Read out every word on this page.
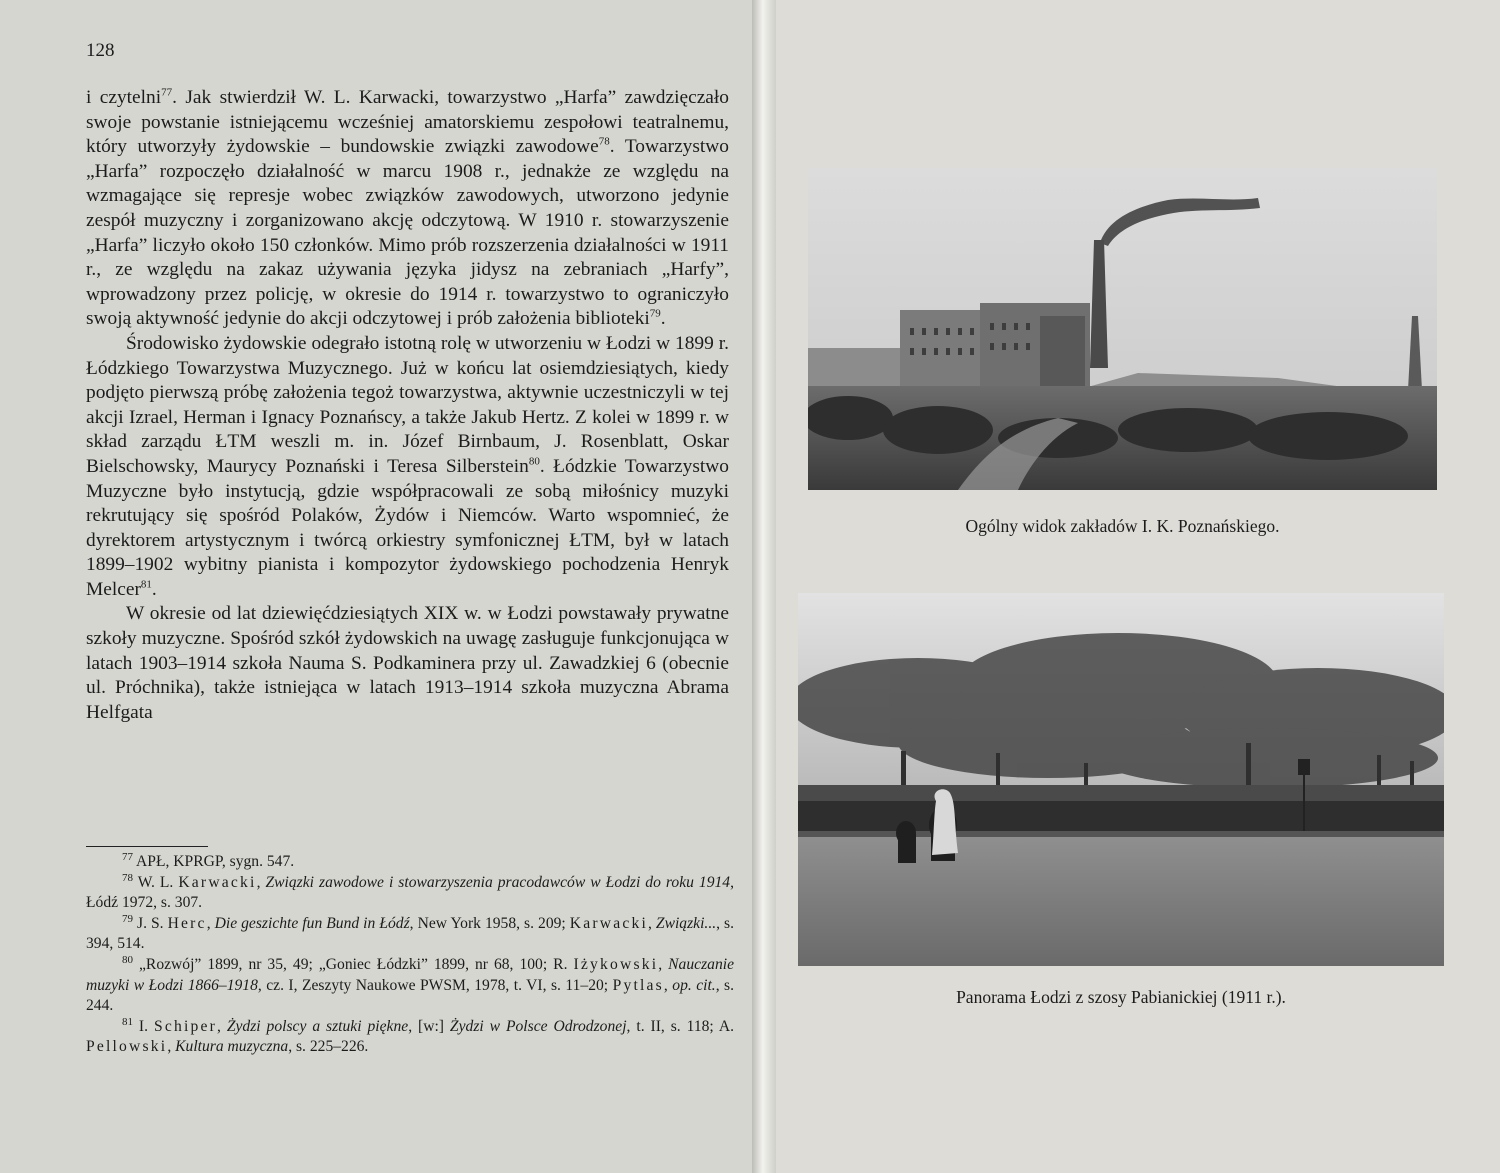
128

i czytelni$^{77}$. Jak stwierdził W. L. Karwacki, towarzystwo „Harfa” zawdzięczało swoje powstanie istniejącemu wcześniej amatorskiemu zespołowi teatralnemu, który utworzyły żydowskie – bundowskie związki zawodowe$^{78}$. Towarzystwo „Harfa” rozpoczęło działalność w marcu 1908 r., jednakże ze względu na wzmagające się represje wobec związków zawodowych, utworzono jedynie zespół muzyczny i zorganizowano akcję odczytową. W 1910 r. stowarzyszenie „Harfa” liczyło około 150 członków. Mimo prób rozszerzenia działalności w 1911 r., ze względu na zakaz używania języka jidysz na zebraniach „Harfy”, wprowadzony przez policję, w okresie do 1914 r. towarzystwo to ograniczyło swoją aktywność jedynie do akcji odczytowej i prób założenia biblioteki$^{79}$.

Środowisko żydowskie odegrało istotną rolę w utworzeniu w Łodzi w 1899 r. Łódzkiego Towarzystwa Muzycznego. Już w końcu lat osiemdziesiątych, kiedy podjęto pierwszą próbę założenia tegoż towarzystwa, aktywnie uczestniczyli w tej akcji Izrael, Herman i Ignacy Poznańscy, a także Jakub Hertz. Z kolei w 1899 r. w skład zarządu ŁTM weszli m. in. Józef Birnbaum, J. Rosenblatt, Oskar Bielschowsky, Maurycy Poznański i Teresa Silberstein$^{80}$. Łódzkie Towarzystwo Muzyczne było instytucją, gdzie współpracowali ze sobą miłośnicy muzyki rekrutujący się spośród Polaków, Żydów i Niemców. Warto wspomnieć, że dyrektorem artystycznym i twórcą orkiestry symfonicznej ŁTM, był w latach 1899–1902 wybitny pianista i kompozytor żydowskiego pochodzenia Henryk Melcer$^{81}$.

W okresie od lat dziewięćdziesiątych XIX w. w Łodzi powstawały prywatne szkoły muzyczne. Spośród szkół żydowskich na uwagę zasługuje funkcjonująca w latach 1903–1914 szkoła Nauma S. Podkaminera przy ul. Zawadzkiej 6 (obecnie ul. Próchnika), także istniejąca w latach 1913–1914 szkoła muzyczna Abrama Helfgata

$^{77}$ APŁ, KPRGP, sygn. 547.

$^{78}$ W. L. Karwacki, Związki zawodowe i stowarzyszenia pracodawców w Łodzi do roku 1914, Łódź 1972, s. 307.

$^{79}$ J. S. Herc, Die geszichte fun Bund in Łódź, New York 1958, s. 209; Karwacki, Związki..., s. 394, 514.

$^{80}$ „Rozwój” 1899, nr 35, 49; „Goniec Łódzki” 1899, nr 68, 100; R. Iżykowski, Nauczanie muzyki w Łodzi 1866–1918, cz. I, Zeszyty Naukowe PWSM, 1978, t. VI, s. 11–20; Pytlas, op. cit., s. 244.

$^{81}$ I. Schiper, Żydzi polscy a sztuki piękne, [w:] Żydzi w Polsce Odrodzonej, t. II, s. 118; A. Pellowski, Kultura muzyczna, s. 225–226.

Ogólny widok zakładów I. K. Poznańskiego.
Panorama Łodzi z szosy Pabianickiej (1911 r.).
